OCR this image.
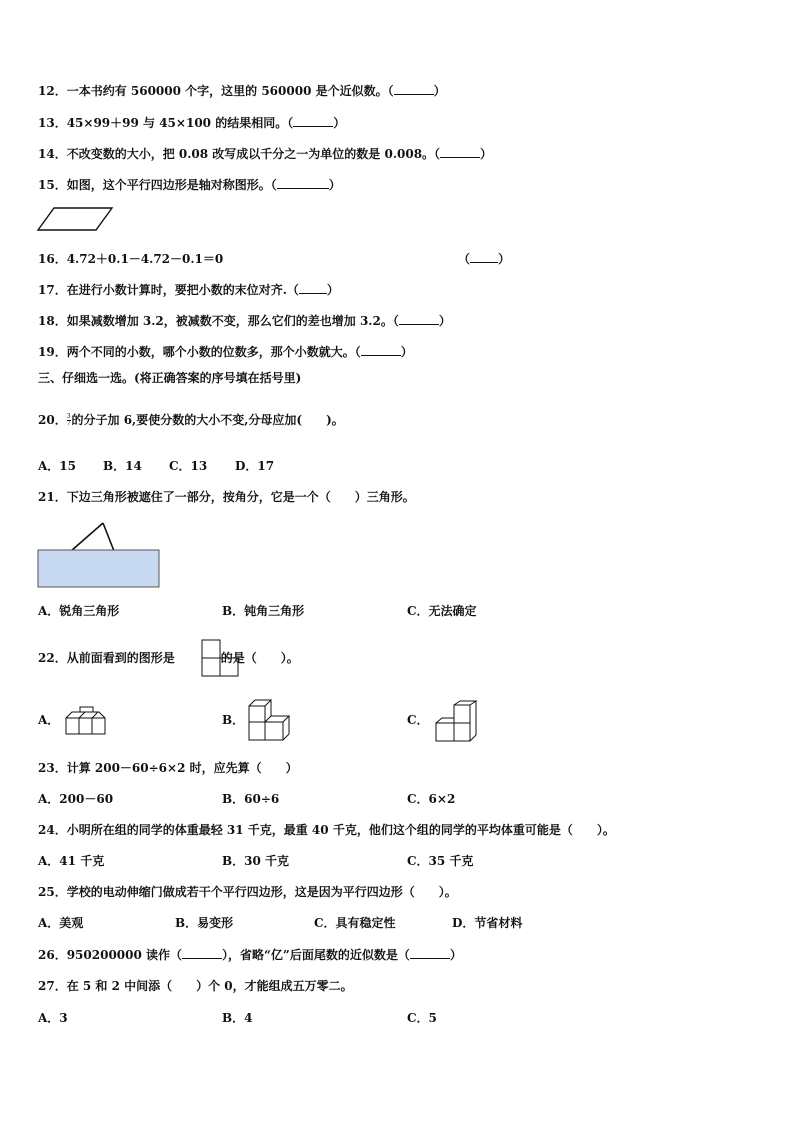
12．一本书约有 560000 个字，这里的 560000 是个近似数。（	）
13．45×99＋99 与 45×100 的结果相同。（	）
14．不改变数的大小，把 0.08 改写成以千分之一为单位的数是 0.008。（	）
15．如图，这个平行四边形是轴对称图形。（	）
16．4.72＋0.1－4.72－0.1＝0	（ ）
17．在进行小数计算时，要把小数的末位对齐.（ ）
18．如果减数增加 3.2，被减数不变，那么它们的差也增加 3.2。（	）
19．两个不同的小数，哪个小数的位数多，那个小数就大。（	）
三、仔细选一选。(将正确答案的序号填在括号里)
20． $\frac{3}{7}$ 的分子加 6,要使分数的大小不变,分母应加(　　)。
A．15 B．14 C．13 D．17
21．下边三角形被遮住了一部分，按角分，它是一个（　　）三角形。
A．锐角三角形	B．钝角三角形	C．无法确定
22．从前面看到的图形是	的是（　　）。
A．	B．	C．
23．计算 200－60÷6×2 时，应先算（　　）
A．200－60	B．60÷6	C．6×2
24．小明所在组的同学的体重最轻 31 千克，最重 40 千克，他们这个组的同学的平均体重可能是（　　）。
A．41 千克	B．30 千克	C．35 千克
25．学校的电动伸缩门做成若干个平行四边形，这是因为平行四边形（　　）。
A．美观	B．易变形	C．具有稳定性	D．节省材料
26．950200000 读作（	），省略“亿”后面尾数的近似数是（	）
27．在 5 和 2 中间添（　　）个 0，才能组成五万零二。
A．3	B．4	C．5
